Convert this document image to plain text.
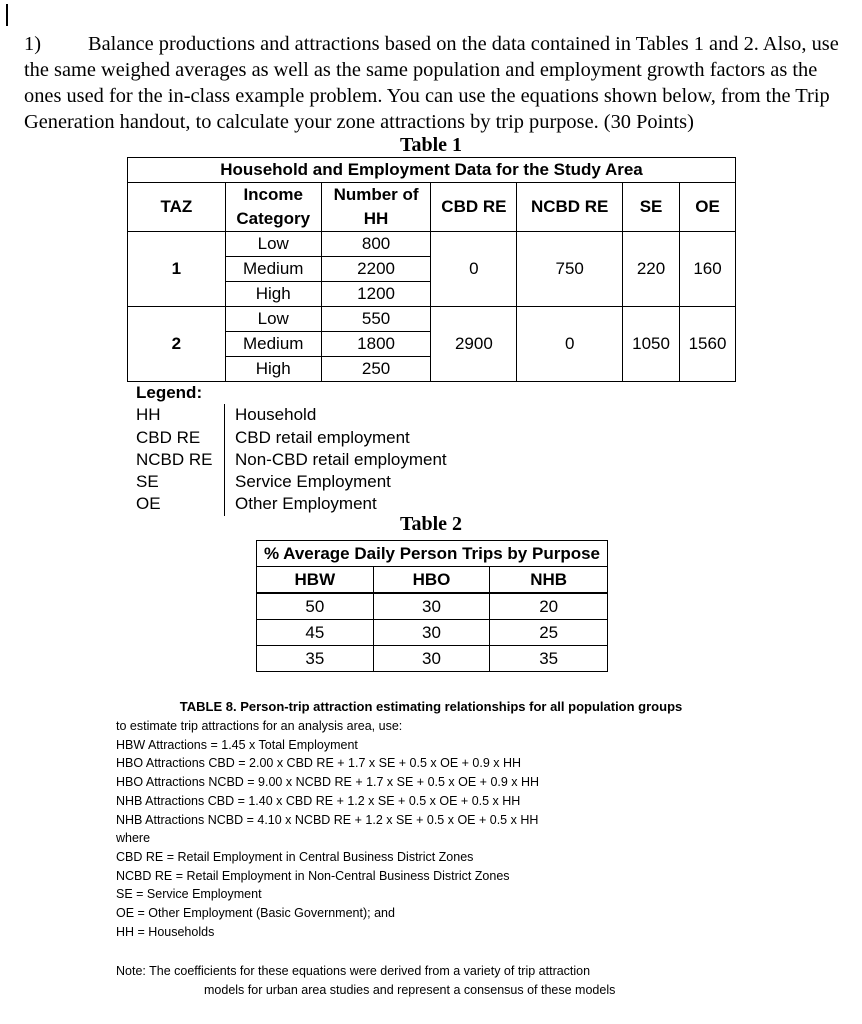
1) Balance productions and attractions based on the data contained in Tables 1 and 2. Also, use the same weighed averages as well as the same population and employment growth factors as the ones used for the in-class example problem. You can use the equations shown below, from the Trip Generation handout, to calculate your zone attractions by trip purpose. (30 Points)
Table 1
Household and Employment Data for the Study Area						
TAZ	Income	Number of	CBD RE	NCBD RE	SE	OE
	Category	HH				
1	Low	800	0	750	220	160
	Medium	2200				
	High	1200				
2	Low	550	2900	0	1050	1560
	Medium	1800				
	High	250				
Legend:
HH	Household
CBD RE	CBD retail employment
NCBD RE	Non-CBD retail employment
SE	Service Employment
OE	Other Employment
Table 2
% Average Daily Person Trips by Purpose		
HBW	HBO	NHB
50	30	20
45	30	25
35	30	35
TABLE 8. Person-trip attraction estimating relationships for all population groups
to estimate trip attractions for an analysis area, use:
HBW Attractions = 1.45 x Total Employment
HBO Attractions CBD = 2.00 x CBD RE + 1.7 x SE + 0.5 x OE + 0.9 x HH
HBO Attractions NCBD = 9.00 x NCBD RE + 1.7 x SE + 0.5 x OE + 0.9 x HH
NHB Attractions CBD = 1.40 x CBD RE + 1.2 x SE + 0.5 x OE + 0.5 x HH
NHB Attractions NCBD = 4.10 x NCBD RE + 1.2 x SE + 0.5 x OE + 0.5 x HH
where
CBD RE = Retail Employment in Central Business District Zones
NCBD RE = Retail Employment in Non-Central Business District Zones
SE = Service Employment
OE = Other Employment (Basic Government); and
HH = Households
Note: The coefficients for these equations were derived from a variety of trip attraction
models for urban area studies and represent a consensus of these models
